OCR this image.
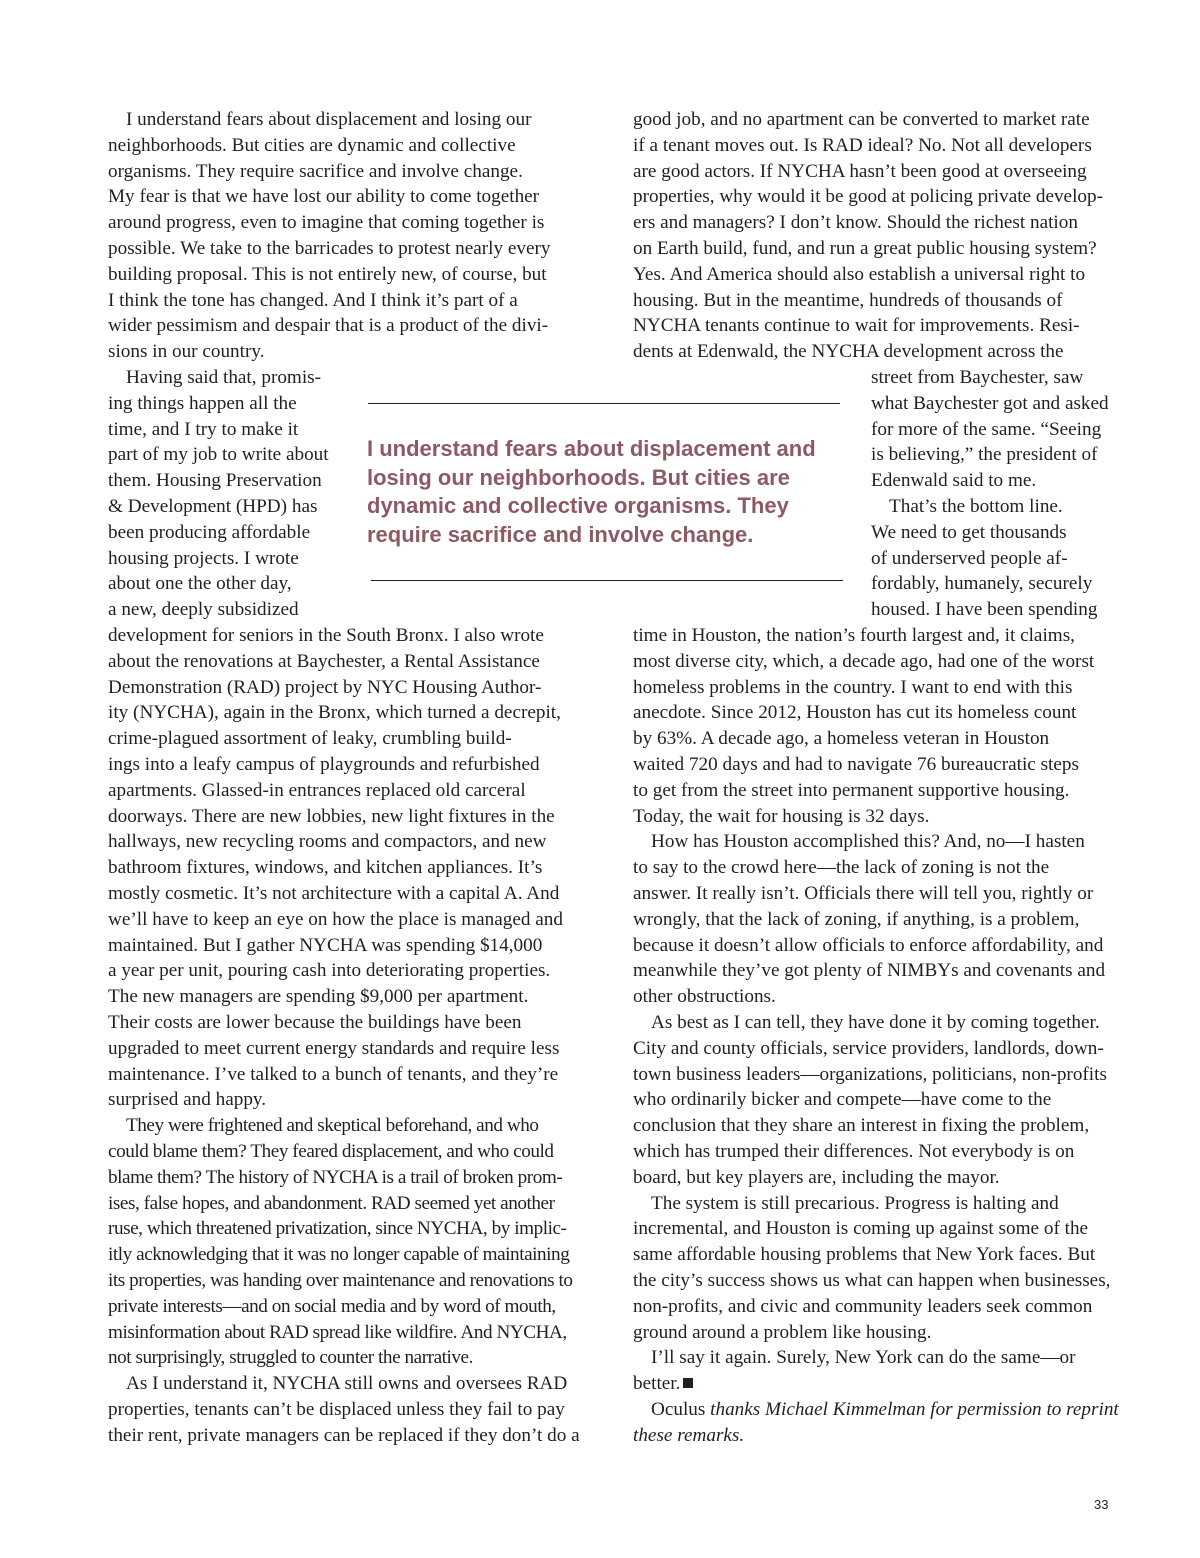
I understand fears about displacement and losing our

neighborhoods. But cities are dynamic and collective

organisms. They require sacrifice and involve change.

My fear is that we have lost our ability to come together

around progress, even to imagine that coming together is

possible. We take to the barricades to protest nearly every

building proposal. This is not entirely new, of course, but

I think the tone has changed. And I think it’s part of a

wider pessimism and despair that is a product of the divi-

sions in our country.

Having said that, promis-

ing things happen all the

time, and I try to make it

part of my job to write about

them. Housing Preservation

& Development (HPD) has

been producing affordable

housing projects. I wrote

about one the other day,

a new, deeply subsidized

development for seniors in the South Bronx. I also wrote

about the renovations at Baychester, a Rental Assistance

Demonstration (RAD) project by NYC Housing Author-

ity (NYCHA), again in the Bronx, which turned a decrepit,

crime-plagued assortment of leaky, crumbling build-

ings into a leafy campus of playgrounds and refurbished

apartments. Glassed-in entrances replaced old carceral

doorways. There are new lobbies, new light fixtures in the

hallways, new recycling rooms and compactors, and new

bathroom fixtures, windows, and kitchen appliances. It’s

mostly cosmetic. It’s not architecture with a capital A. And

we’ll have to keep an eye on how the place is managed and

maintained. But I gather NYCHA was spending $14,000

a year per unit, pouring cash into deteriorating properties.

The new managers are spending $9,000 per apartment.

Their costs are lower because the buildings have been

upgraded to meet current energy standards and require less

maintenance. I’ve talked to a bunch of tenants, and they’re

surprised and happy.

They were frightened and skeptical beforehand, and who

could blame them? They feared displacement, and who could

blame them? The history of NYCHA is a trail of broken prom-

ises, false hopes, and abandonment. RAD seemed yet another

ruse, which threatened privatization, since NYCHA, by implic-

itly acknowledging that it was no longer capable of maintaining

its properties, was handing over maintenance and renovations to

private interests—and on social media and by word of mouth,

misinformation about RAD spread like wildfire. And NYCHA,

not surprisingly, struggled to counter the narrative.

As I understand it, NYCHA still owns and oversees RAD

properties, tenants can’t be displaced unless they fail to pay

their rent, private managers can be replaced if they don’t do a

good job, and no apartment can be converted to market rate

if a tenant moves out. Is RAD ideal? No. Not all developers

are good actors. If NYCHA hasn’t been good at overseeing

properties, why would it be good at policing private develop-

ers and managers? I don’t know. Should the richest nation

on Earth build, fund, and run a great public housing system?

Yes. And America should also establish a universal right to

housing. But in the meantime, hundreds of thousands of

NYCHA tenants continue to wait for improvements. Resi-

dents at Edenwald, the NYCHA development across the

street from Baychester, saw

what Baychester got and asked

for more of the same. “Seeing

is believing,” the president of

Edenwald said to me.

That’s the bottom line.

We need to get thousands

of underserved people af-

fordably, humanely, securely

housed. I have been spending

time in Houston, the nation’s fourth largest and, it claims,

most diverse city, which, a decade ago, had one of the worst

homeless problems in the country. I want to end with this

anecdote. Since 2012, Houston has cut its homeless count

by 63%. A decade ago, a homeless veteran in Houston

waited 720 days and had to navigate 76 bureaucratic steps

to get from the street into permanent supportive housing.

Today, the wait for housing is 32 days.

How has Houston accomplished this? And, no—I hasten

to say to the crowd here—the lack of zoning is not the

answer. It really isn’t. Officials there will tell you, rightly or

wrongly, that the lack of zoning, if anything, is a problem,

because it doesn’t allow officials to enforce affordability, and

meanwhile they’ve got plenty of NIMBYs and covenants and

other obstructions.

As best as I can tell, they have done it by coming together.

City and county officials, service providers, landlords, down-

town business leaders—organizations, politicians, non-profits

who ordinarily bicker and compete—have come to the

conclusion that they share an interest in fixing the problem,

which has trumped their differences. Not everybody is on

board, but key players are, including the mayor.

The system is still precarious. Progress is halting and

incremental, and Houston is coming up against some of the

same affordable housing problems that New York faces. But

the city’s success shows us what can happen when businesses,

non-profits, and civic and community leaders seek common

ground around a problem like housing.

I’ll say it again. Surely, New York can do the same—or

better.

Oculus thanks Michael Kimmelman for permission to reprint

these remarks.

I understand fears about displacement and
losing our neighborhoods. But cities are
dynamic and collective organisms. They
require sacrifice and involve change.
33
